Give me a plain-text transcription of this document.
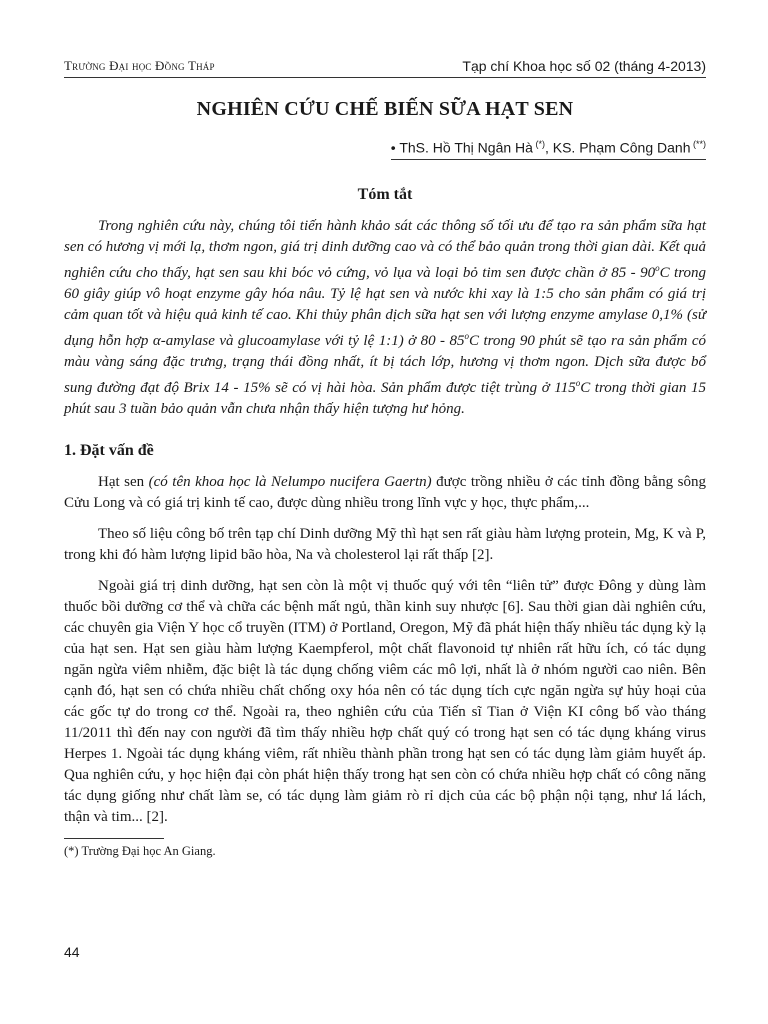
Trường Đại học Đồng Tháp	Tạp chí Khoa học số 02 (tháng 4-2013)
NGHIÊN CỨU CHẾ BIẾN SỮA HẠT SEN
• ThS. Hồ Thị Ngân Hà (*), KS. Phạm Công Danh (**)
Tóm tắt

Trong nghiên cứu này, chúng tôi tiến hành khảo sát các thông số tối ưu để tạo ra sản phẩm sữa hạt sen có hương vị mới lạ, thơm ngon, giá trị dinh dưỡng cao và có thể bảo quản trong thời gian dài. Kết quả nghiên cứu cho thấy, hạt sen sau khi bóc vỏ cứng, vỏ lụa và loại bỏ tim sen được chần ở 85 - 90$^o$C trong 60 giây giúp vô hoạt enzyme gây hóa nâu. Tỷ lệ hạt sen và nước khi xay là 1:5 cho sản phẩm có giá trị cảm quan tốt và hiệu quả kinh tế cao. Khi thủy phân dịch sữa hạt sen với lượng enzyme amylase 0,1% (sử dụng hỗn hợp α-amylase và glucoamylase với tỷ lệ 1:1) ở 80 - 85$^o$C trong 90 phút sẽ tạo ra sản phẩm có màu vàng sáng đặc trưng, trạng thái đồng nhất, ít bị tách lớp, hương vị thơm ngon. Dịch sữa được bổ sung đường đạt độ Brix 14 - 15% sẽ có vị hài hòa. Sản phẩm được tiệt trùng ở 115$^o$C trong thời gian 15 phút sau 3 tuần bảo quản vẫn chưa nhận thấy hiện tượng hư hỏng.

1. Đặt vấn đề

Hạt sen (có tên khoa học là Nelumpo nucifera Gaertn) được trồng nhiều ở các tỉnh đồng bằng sông Cửu Long và có giá trị kinh tế cao, được dùng nhiều trong lĩnh vực y học, thực phẩm,...

Theo số liệu công bố trên tạp chí Dinh dưỡng Mỹ thì hạt sen rất giàu hàm lượng protein, Mg, K và P, trong khi đó hàm lượng lipid bão hòa, Na và cholesterol lại rất thấp [2].

Ngoài giá trị dinh dưỡng, hạt sen còn là một vị thuốc quý với tên “liên tử” được Đông y dùng làm thuốc bồi dưỡng cơ thể và chữa các bệnh mất ngủ, thần kinh suy nhược [6]. Sau thời gian dài nghiên cứu, các chuyên gia Viện Y học cổ truyền (ITM) ở Portland, Oregon, Mỹ đã phát hiện thấy nhiều tác dụng kỳ lạ của hạt sen. Hạt sen giàu hàm lượng Kaempferol, một chất flavonoid tự nhiên rất hữu ích, có tác dụng ngăn ngừa viêm nhiễm, đặc biệt là tác dụng chống viêm các mô lợi, nhất là ở nhóm người cao niên. Bên cạnh đó, hạt sen có chứa nhiều chất chống oxy hóa nên có tác dụng tích cực ngăn ngừa sự hủy hoại của các gốc tự do trong cơ thể. Ngoài ra, theo nghiên cứu của Tiến sĩ Tian ở Viện KI công bố vào tháng 11/2011 thì đến nay con người đã tìm thấy nhiều hợp chất quý có trong hạt sen có tác dụng kháng virus Herpes 1. Ngoài tác dụng kháng viêm, rất nhiều thành phần trong hạt sen có tác dụng làm giảm huyết áp. Qua nghiên cứu, y học hiện đại còn phát hiện thấy trong hạt sen còn có chứa nhiều hợp chất có công năng tác dụng giống như chất làm se, có tác dụng làm giảm rò rỉ dịch của các bộ phận nội tạng, như lá lách, thận và tim... [2].

(*) Trường Đại học An Giang.
44
